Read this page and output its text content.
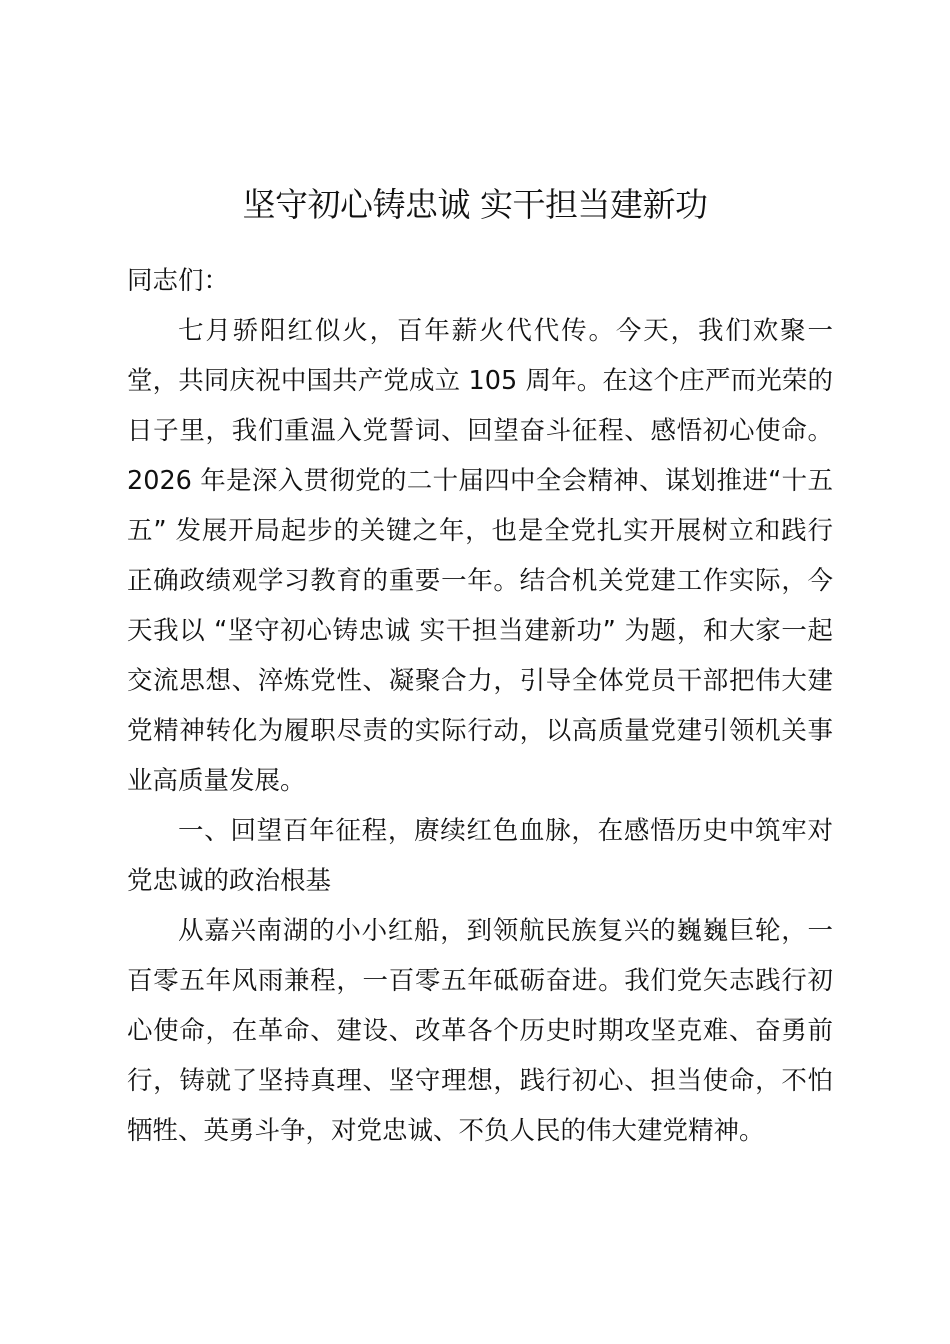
坚守初心铸忠诚 实干担当建新功

同志们：

七月骄阳红似火，百年薪火代代传。今天，我们欢聚一堂，共同庆祝中国共产党成立 105 周年。在这个庄严而光荣的日子里，我们重温入党誓词、回望奋斗征程、感悟初心使命。2026 年是深入贯彻党的二十届四中全会精神、谋划推进“十五五” 发展开局起步的关键之年，也是全党扎实开展树立和践行正确政绩观学习教育的重要一年。结合机关党建工作实际，今天我以 “坚守初心铸忠诚 实干担当建新功” 为题，和大家一起交流思想、淬炼党性、凝聚合力，引导全体党员干部把伟大建党精神转化为履职尽责的实际行动，以高质量党建引领机关事业高质量发展。

一、回望百年征程，赓续红色血脉，在感悟历史中筑牢对党忠诚的政治根基

从嘉兴南湖的小小红船，到领航民族复兴的巍巍巨轮，一百零五年风雨兼程，一百零五年砥砺奋进。我们党矢志践行初心使命，在革命、建设、改革各个历史时期攻坚克难、奋勇前行，铸就了坚持真理、坚守理想，践行初心、担当使命，不怕牺牲、英勇斗争，对党忠诚、不负人民的伟大建党精神。
